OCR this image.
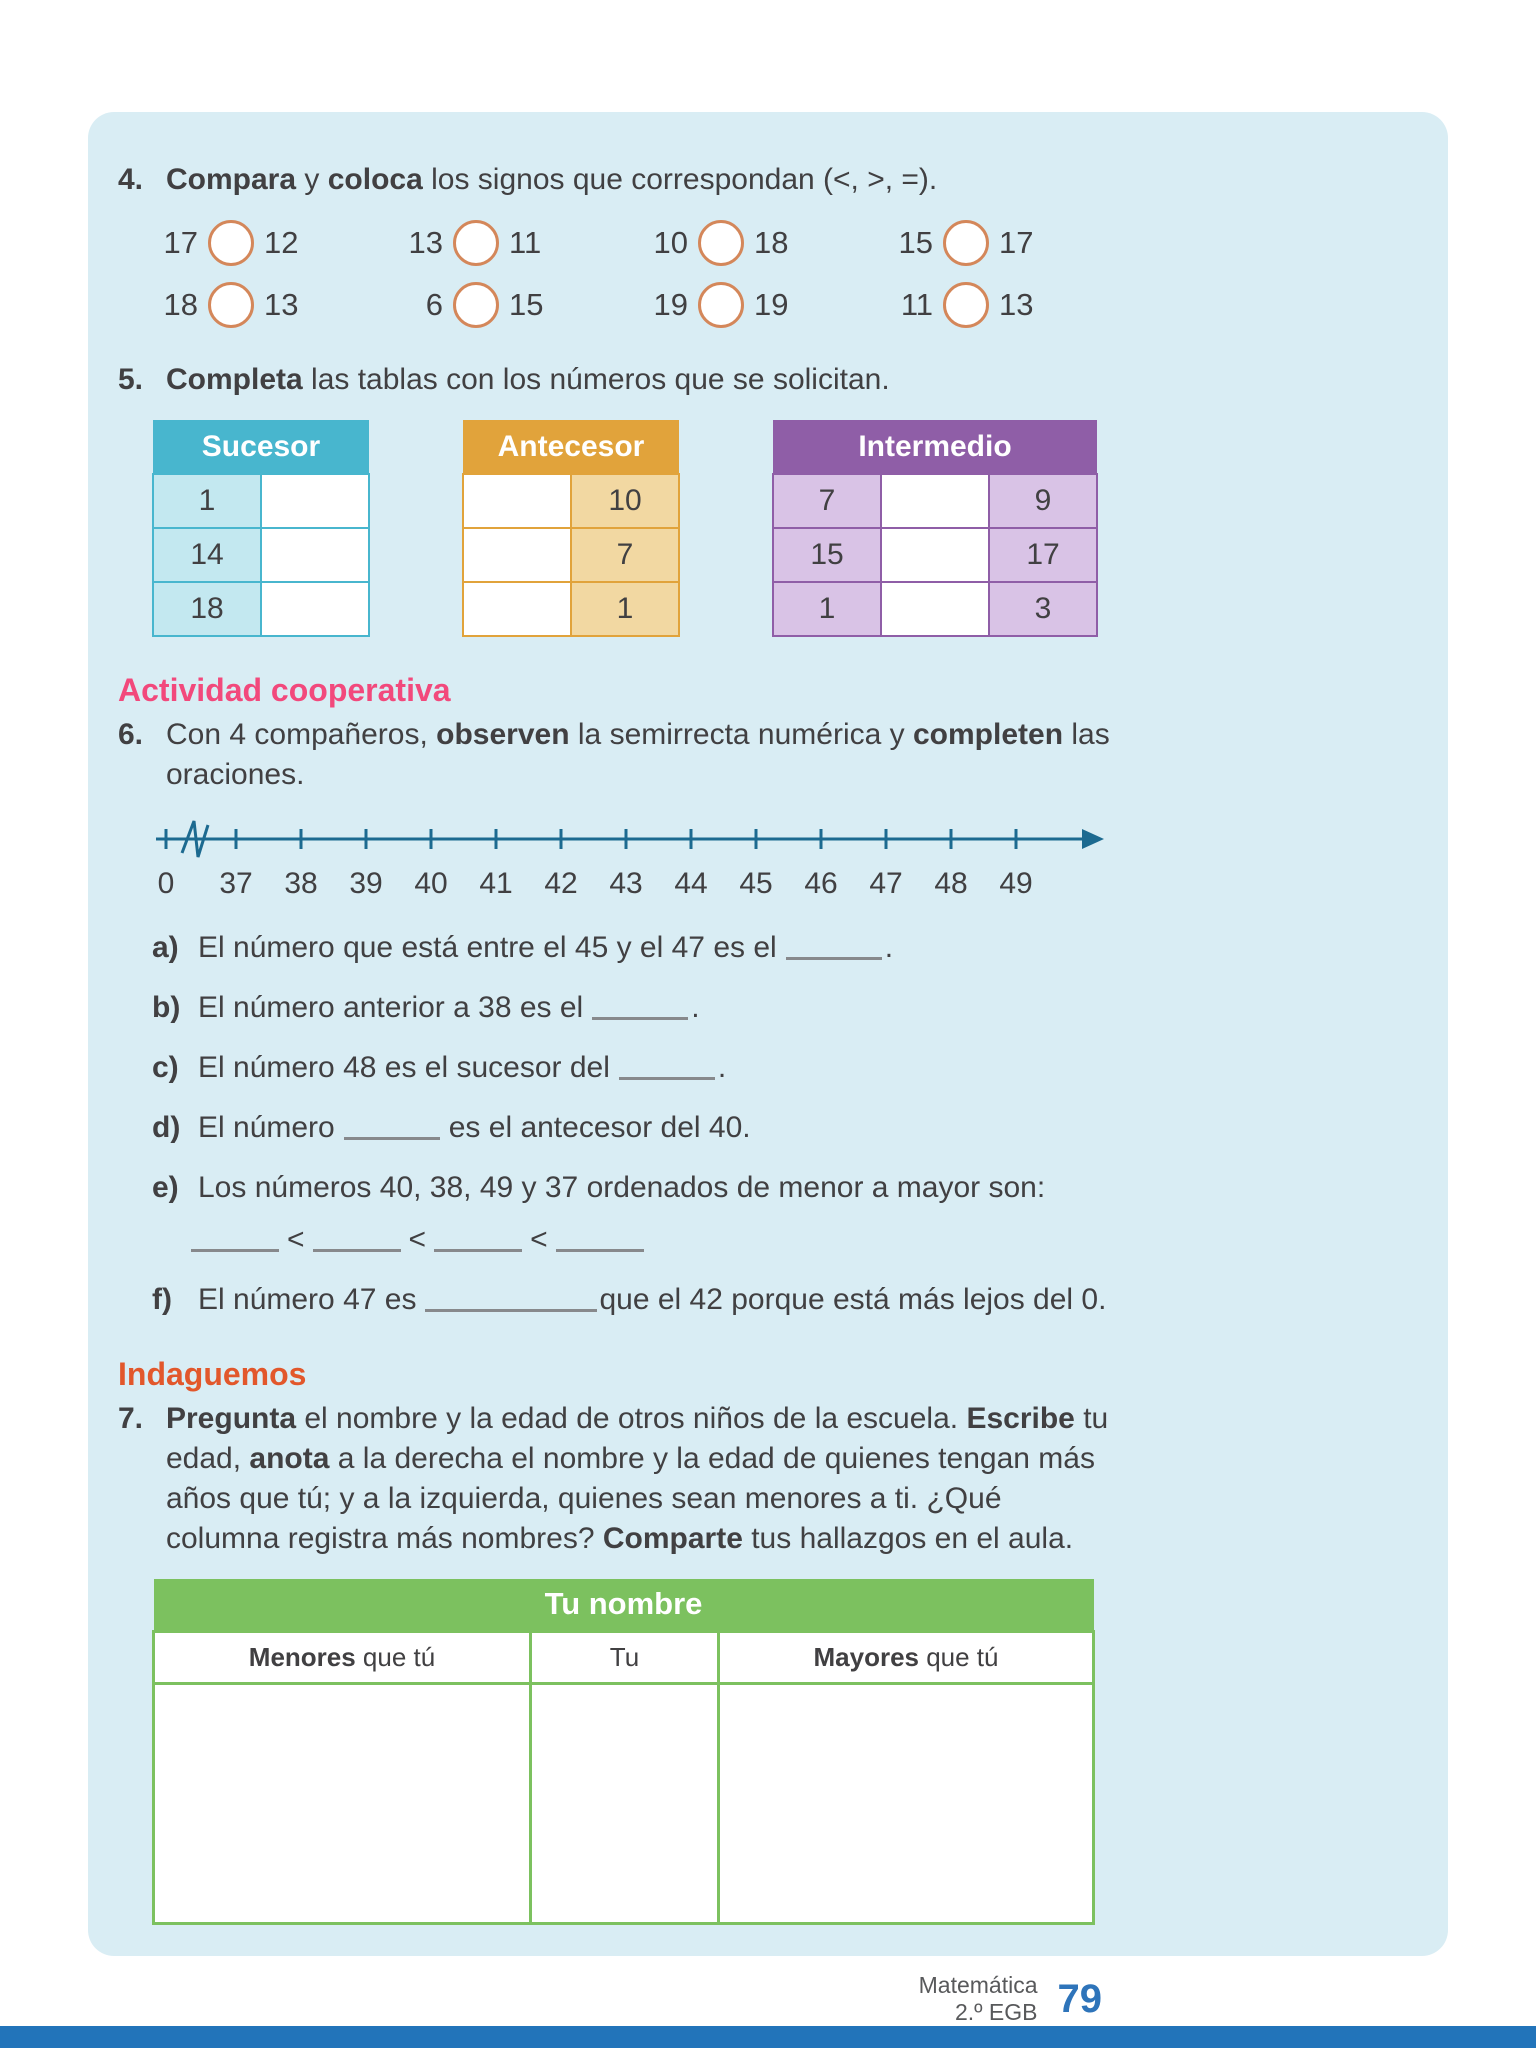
4. Compara y coloca los signos que correspondan (<, >, =).
17 12	13 11	10 18	15 17
18 13	6 15	19 19	11 13
5. Completa las tablas con los números que se solicitan.
Sucesor	
1	
14	
18	
Antecesor	
	10
	7
	1
Intermedio		
7		9
15		17
1		3
Actividad cooperativa
6. Con 4 compañeros, observen la semirrecta numérica y completen las oraciones.
0 37 38 39 40 41 42 43 44 45 46 47 48 49
a) El número que está entre el 45 y el 47 es el	.
b) El número anterior a 38 es el	.
c) El número 48 es el sucesor del	.
d) El número	es el antecesor del 40.
e) Los números 40, 38, 49 y 37 ordenados de menor a mayor son:
<	<	<
f) El número 47 es	que el 42 porque está más lejos del 0.
Indaguemos
7. Pregunta el nombre y la edad de otros niños de la escuela. Escribe tu edad, anota a la derecha el nombre y la edad de quienes tengan más años que tú; y a la izquierda, quienes sean menores a ti. ¿Qué columna registra más nombres? Comparte tus hallazgos en el aula.
Tu nombre		
Menores que tú	Tu	Mayores que tú

Matemática
2.º EGB 79
